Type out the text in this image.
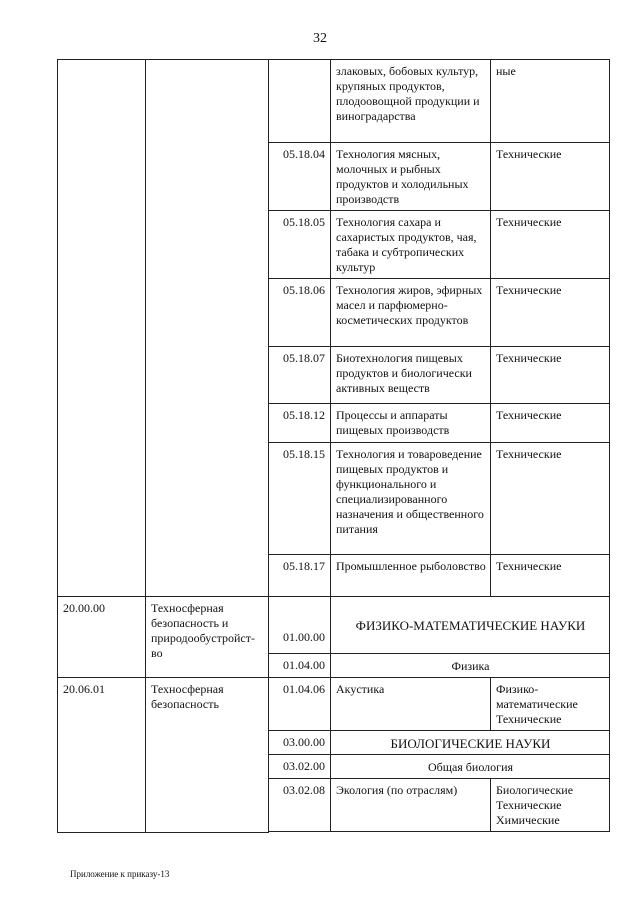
32
			злаковых, бобовых культур, крупяных продуктов, плодоовощной продукции и виноградарства	ные
		05.18.04	Технология мясных, молочных и рыбных продуктов и холодильных производств	Технические
		05.18.05	Технология сахара и сахаристых продуктов, чая, табака и субтропических культур	Технические
		05.18.06	Технология жиров, эфирных масел и парфюмерно-косметических продуктов	Технические
		05.18.07	Биотехнология пищевых продуктов и биологически активных веществ	Технические
		05.18.12	Процессы и аппараты пищевых производств	Технические
		05.18.15	Технология и товароведение пищевых продуктов и функционального и специализированного назначения и общественного питания	Технические
		05.18.17	Промышленное рыболовство	Технические
20.00.00	Техносферная безопасность и природообустройст-во	01.00.00	ФИЗИКО-МАТЕМАТИЧЕСКИЕ НАУКИ	
		01.04.00	Физика	
20.06.01	Техносферная безопасность	01.04.06	Акустика	Физико-математические Технические
		03.00.00	БИОЛОГИЧЕСКИЕ НАУКИ	
		03.02.00	Общая биология	
		03.02.08	Экология (по отраслям)	Биологические Технические Химические

Приложение к приказу-13
